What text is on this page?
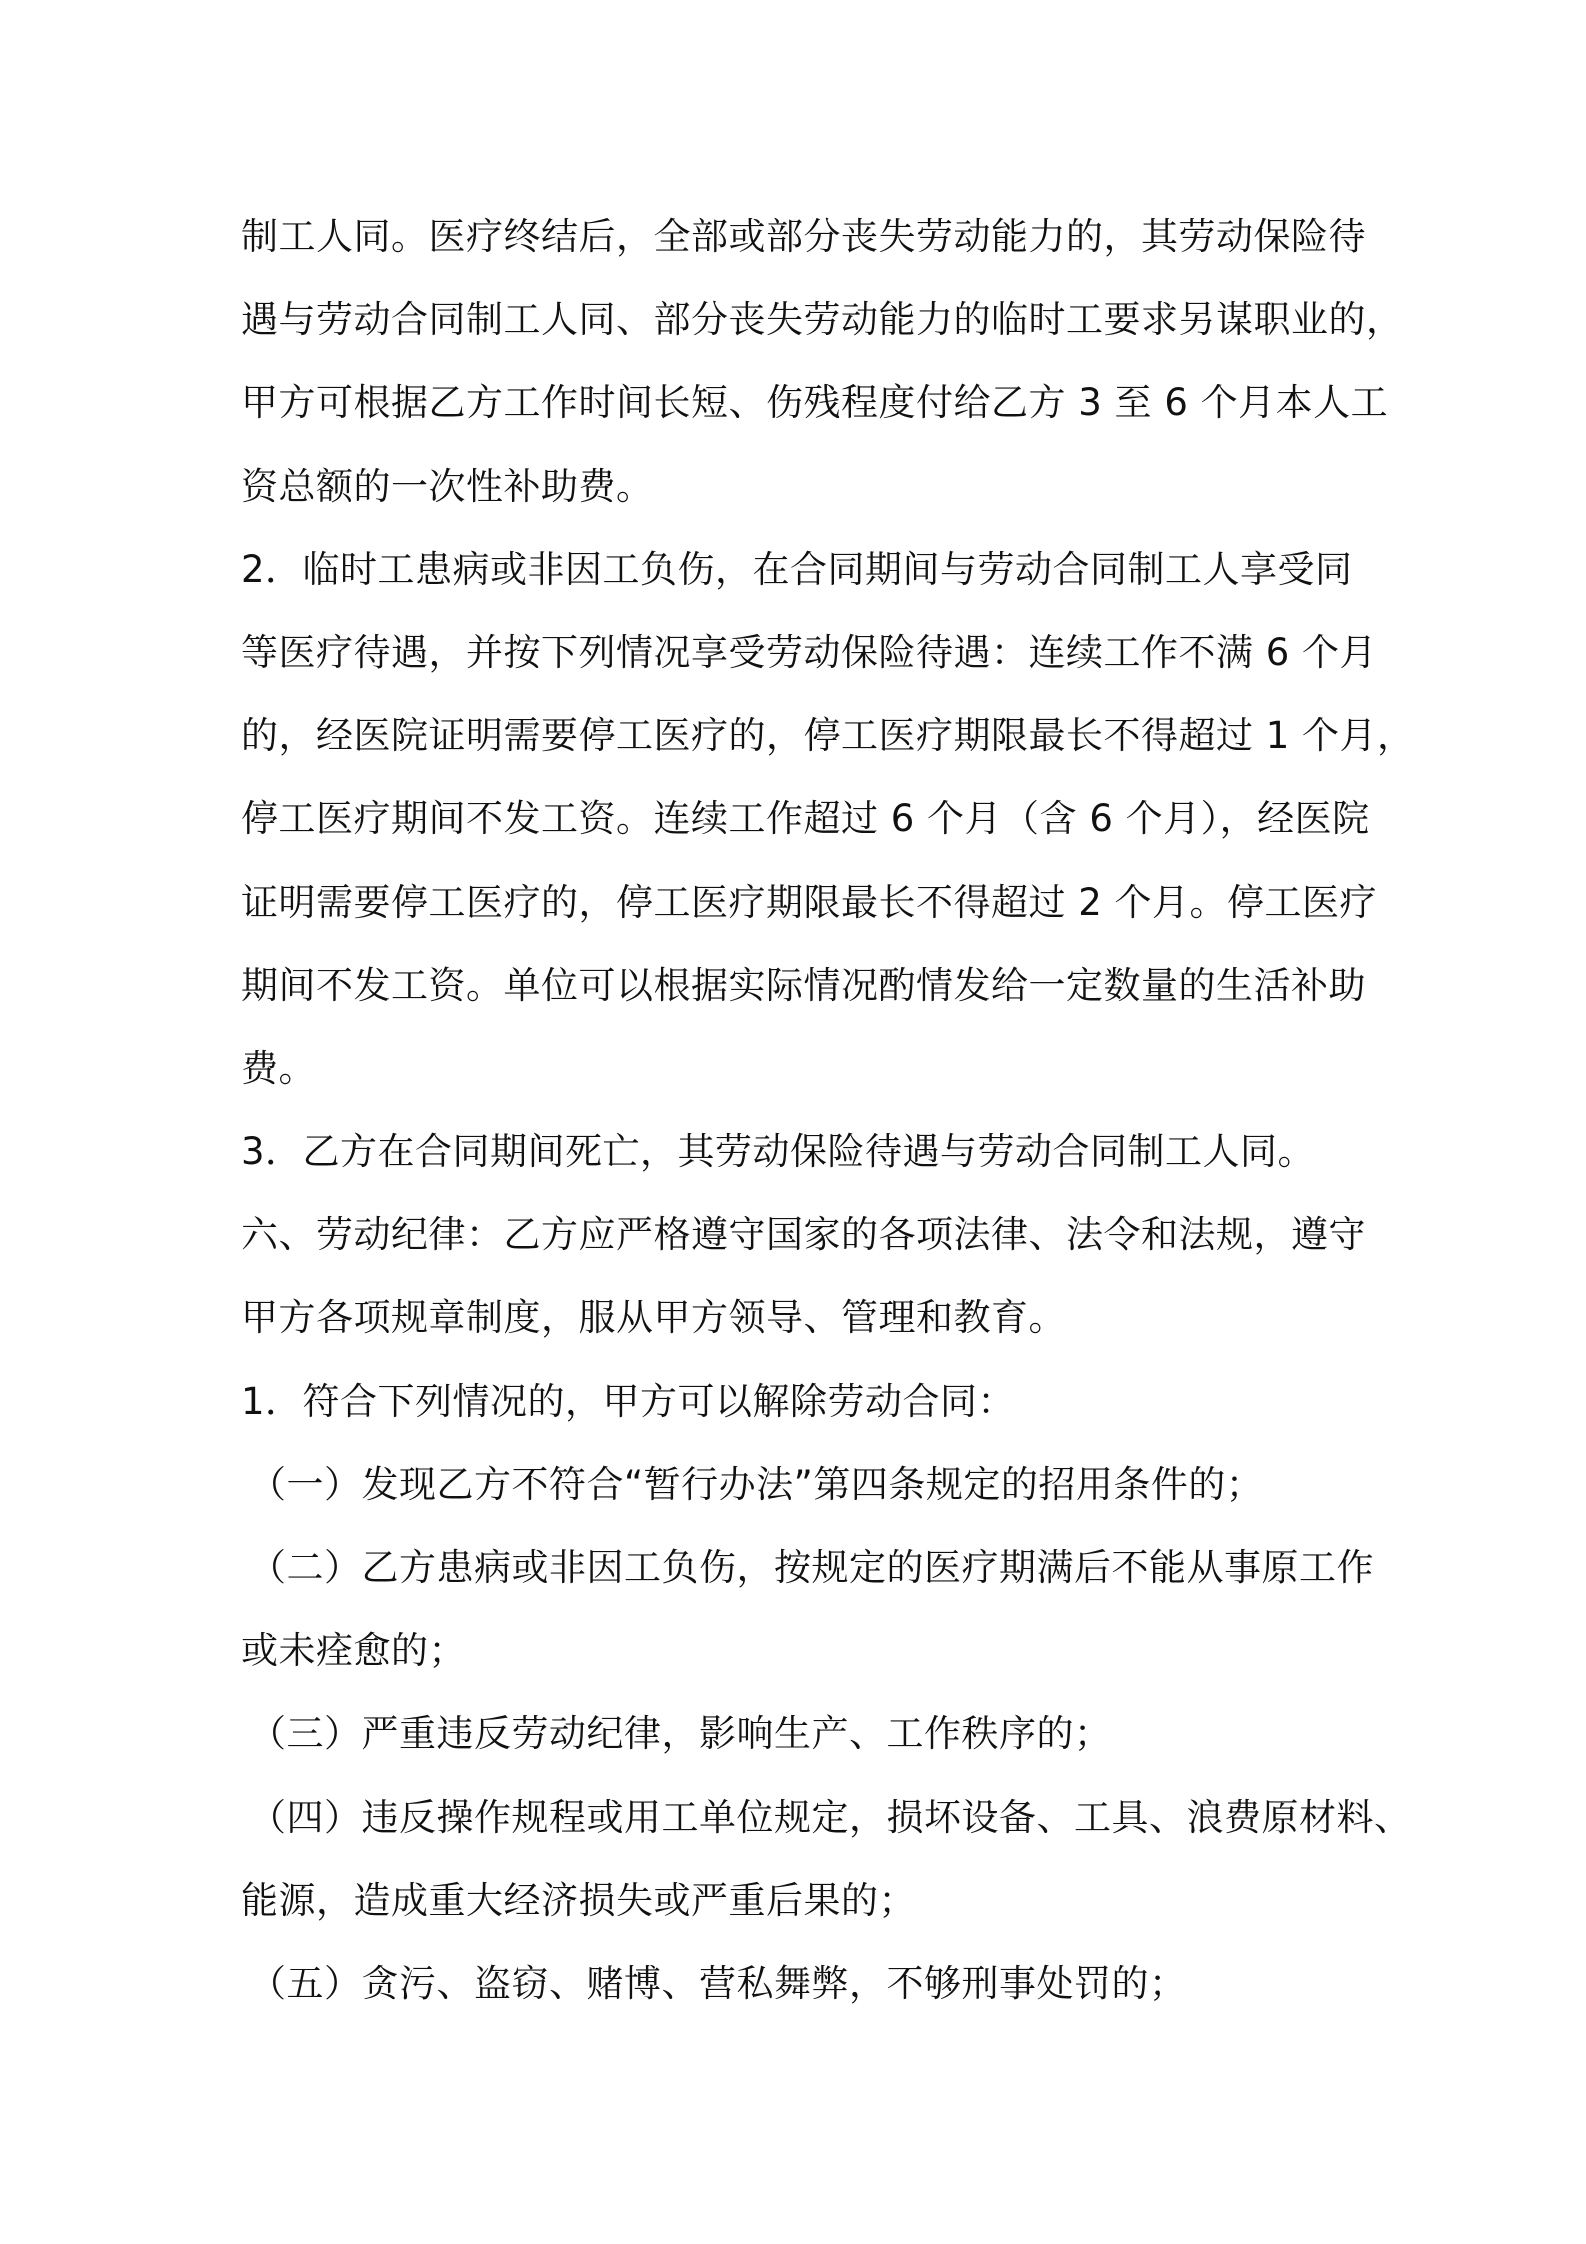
制工人同。医疗终结后，全部或部分丧失劳动能力的，其劳动保险待
遇与劳动合同制工人同、部分丧失劳动能力的临时工要求另谋职业的，
甲方可根据乙方工作时间长短、伤残程度付给乙方 3 至 6 个月本人工
资总额的一次性补助费。
2．临时工患病或非因工负伤，在合同期间与劳动合同制工人享受同
等医疗待遇，并按下列情况享受劳动保险待遇：连续工作不满 6 个月
的，经医院证明需要停工医疗的，停工医疗期限最长不得超过 1 个月，
停工医疗期间不发工资。连续工作超过 6 个月（含 6 个月），经医院
证明需要停工医疗的，停工医疗期限最长不得超过 2 个月。停工医疗
期间不发工资。单位可以根据实际情况酌情发给一定数量的生活补助
费。
3．乙方在合同期间死亡，其劳动保险待遇与劳动合同制工人同。
六、劳动纪律：乙方应严格遵守国家的各项法律、法令和法规，遵守
甲方各项规章制度，服从甲方领导、管理和教育。
1．符合下列情况的，甲方可以解除劳动合同：
（一）发现乙方不符合“暂行办法”第四条规定的招用条件的；
（二）乙方患病或非因工负伤，按规定的医疗期满后不能从事原工作
或未痊愈的；
（三）严重违反劳动纪律，影响生产、工作秩序的；
（四）违反操作规程或用工单位规定，损坏设备、工具、浪费原材料、
能源，造成重大经济损失或严重后果的；
（五）贪污、盗窃、赌博、营私舞弊，不够刑事处罚的；
